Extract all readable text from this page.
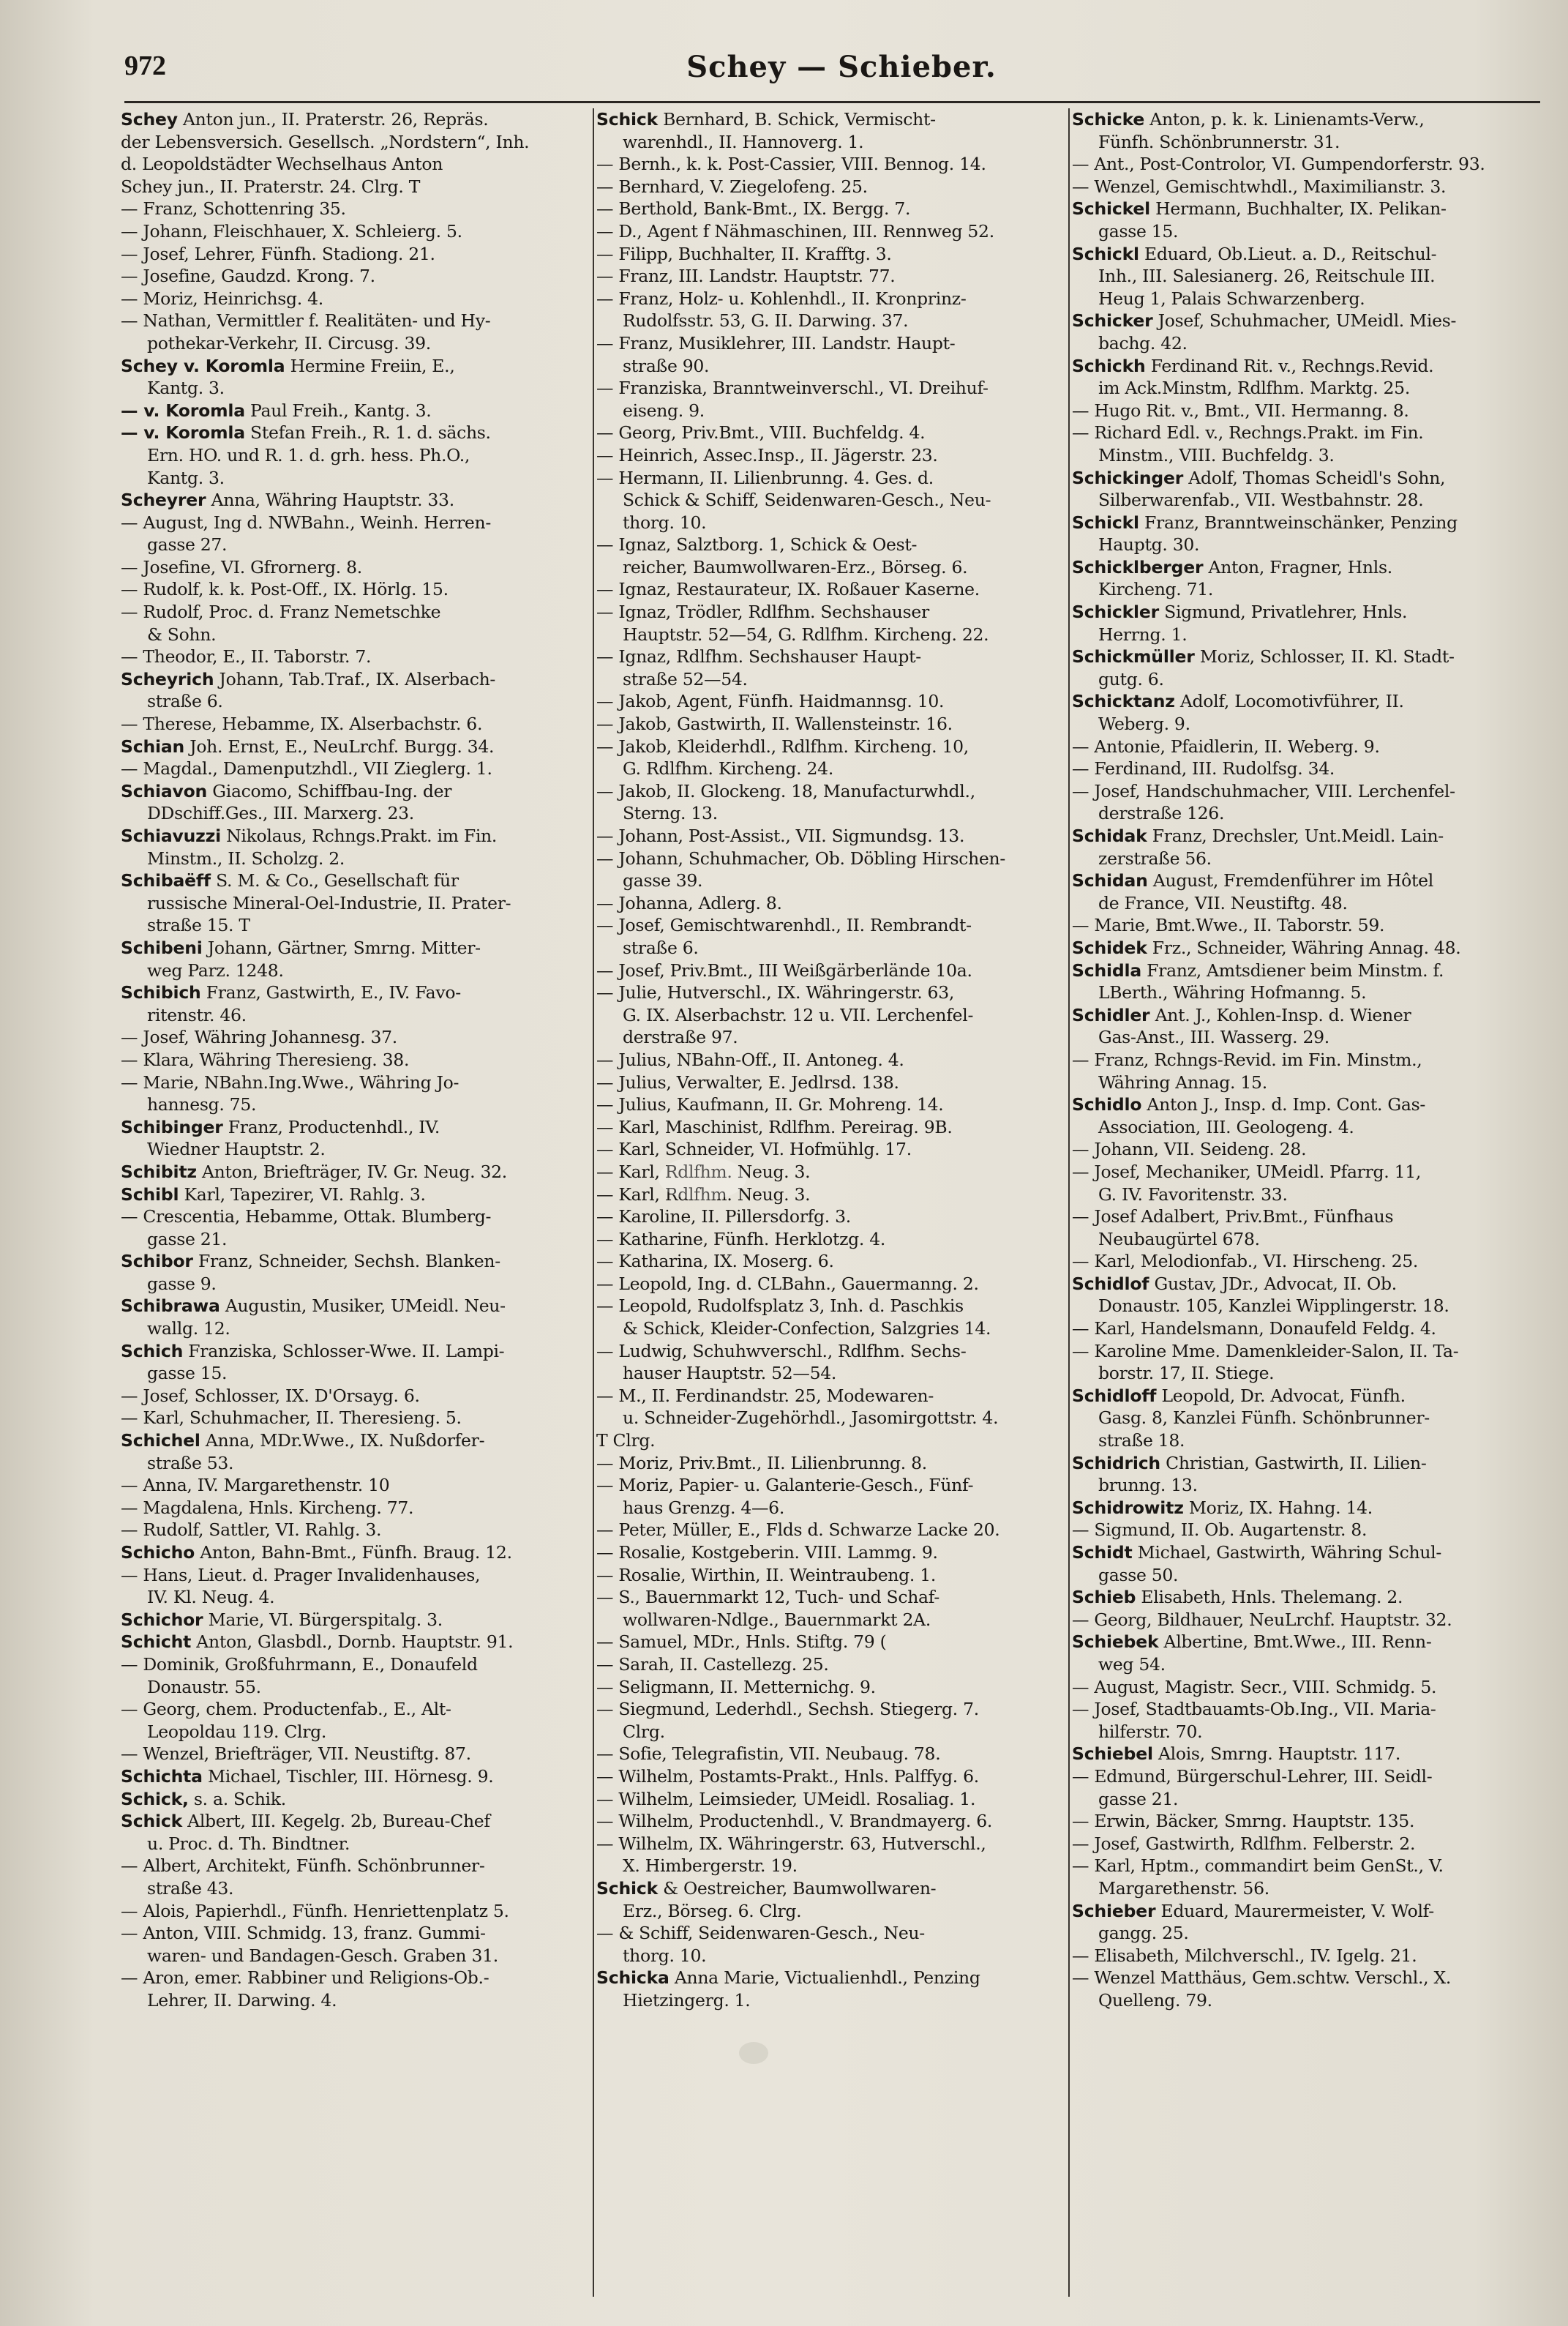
972	Schey — Schieber.
Schey Anton jun., II. Praterstr. 26, Repräs.
der Lebensversich. Gesellsch. „Nordstern“, Inh.
d. Leopoldstädter Wechselhaus Anton
Schey jun., II. Praterstr. 24. Clrg. T
— Franz, Schottenring 35.
— Johann, Fleischhauer, X. Schleierg. 5.
— Josef, Lehrer, Fünfh. Stadiong. 21.
— Josefine, Gaudzd. Krong. 7.
— Moriz, Heinrichsg. 4.
— Nathan, Vermittler f. Realitäten- und Hy-
pothekar-Verkehr, II. Circusg. 39.
Schey v. Koromla Hermine Freiin, E.,
Kantg. 3.
— v. Koromla Paul Freih., Kantg. 3.
— v. Koromla Stefan Freih., R. 1. d. sächs.
Ern. HO. und R. 1. d. grh. hess. Ph.O.,
Kantg. 3.
Scheyrer Anna, Währing Hauptstr. 33.
— August, Ing d. NWBahn., Weinh. Herren-
gasse 27.
— Josefine, VI. Gfrornerg. 8.
— Rudolf, k. k. Post-Off., IX. Hörlg. 15.
— Rudolf, Proc. d. Franz Nemetschke
& Sohn.
— Theodor, E., II. Taborstr. 7.
Scheyrich Johann, Tab.Traf., IX. Alserbach-
straße 6.
— Therese, Hebamme, IX. Alserbachstr. 6.
Schian Joh. Ernst, E., NeuLrchf. Burgg. 34.
— Magdal., Damenputzhdl., VII Zieglerg. 1.
Schiavon Giacomo, Schiffbau-Ing. der
DDschiff.Ges., III. Marxerg. 23.
Schiavuzzi Nikolaus, Rchngs.Prakt. im Fin.
Minstm., II. Scholzg. 2.
Schibaëff S. M. & Co., Gesellschaft für
russische Mineral-Oel-Industrie, II. Prater-
straße 15. T
Schibeni Johann, Gärtner, Smrng. Mitter-
weg Parz. 1248.
Schibich Franz, Gastwirth, E., IV. Favo-
ritenstr. 46.
— Josef, Währing Johannesg. 37.
— Klara, Währing Theresieng. 38.
— Marie, NBahn.Ing.Wwe., Währing Jo-
hannesg. 75.
Schibinger Franz, Productenhdl., IV.
Wiedner Hauptstr. 2.
Schibitz Anton, Briefträger, IV. Gr. Neug. 32.
Schibl Karl, Tapezirer, VI. Rahlg. 3.
— Crescentia, Hebamme, Ottak. Blumberg-
gasse 21.
Schibor Franz, Schneider, Sechsh. Blanken-
gasse 9.
Schibrawa Augustin, Musiker, UMeidl. Neu-
wallg. 12.
Schich Franziska, Schlosser-Wwe. II. Lampi-
gasse 15.
— Josef, Schlosser, IX. D'Orsayg. 6.
— Karl, Schuhmacher, II. Theresieng. 5.
Schichel Anna, MDr.Wwe., IX. Nußdorfer-
straße 53.
— Anna, IV. Margarethenstr. 10
— Magdalena, Hnls. Kircheng. 77.
— Rudolf, Sattler, VI. Rahlg. 3.
Schicho Anton, Bahn-Bmt., Fünfh. Braug. 12.
— Hans, Lieut. d. Prager Invalidenhauses,
IV. Kl. Neug. 4.
Schichor Marie, VI. Bürgerspitalg. 3.
Schicht Anton, Glasbdl., Dornb. Hauptstr. 91.
— Dominik, Großfuhrmann, E., Donaufeld
Donaustr. 55.
— Georg, chem. Productenfab., E., Alt-
Leopoldau 119. Clrg.
— Wenzel, Briefträger, VII. Neustiftg. 87.
Schichta Michael, Tischler, III. Hörnesg. 9.
Schick, s. a. Schik.
Schick Albert, III. Kegelg. 2b, Bureau-Chef
u. Proc. d. Th. Bindtner.
— Albert, Architekt, Fünfh. Schönbrunner-
straße 43.
— Alois, Papierhdl., Fünfh. Henriettenplatz 5.
— Anton, VIII. Schmidg. 13, franz. Gummi-
waren- und Bandagen-Gesch. Graben 31.
— Aron, emer. Rabbiner und Religions-Ob.-
Lehrer, II. Darwing. 4.
Schick Bernhard, B. Schick, Vermischt-
warenhdl., II. Hannoverg. 1.
— Bernh., k. k. Post-Cassier, VIII. Bennog. 14.
— Bernhard, V. Ziegelofeng. 25.
— Berthold, Bank-Bmt., IX. Bergg. 7.
— D., Agent f Nähmaschinen, III. Rennweg 52.
— Filipp, Buchhalter, II. Krafftg. 3.
— Franz, III. Landstr. Hauptstr. 77.
— Franz, Holz- u. Kohlenhdl., II. Kronprinz-
Rudolfsstr. 53, G. II. Darwing. 37.
— Franz, Musiklehrer, III. Landstr. Haupt-
straße 90.
— Franziska, Branntweinverschl., VI. Dreihuf-
eiseng. 9.
— Georg, Priv.Bmt., VIII. Buchfeldg. 4.
— Heinrich, Assec.Insp., II. Jägerstr. 23.
— Hermann, II. Lilienbrunng. 4. Ges. d.
Schick & Schiff, Seidenwaren-Gesch., Neu-
thorg. 10.
— Ignaz, Salztborg. 1, Schick & Oest-
reicher, Baumwollwaren-Erz., Börseg. 6.
— Ignaz, Restaurateur, IX. Roßauer Kaserne.
— Ignaz, Trödler, Rdlfhm. Sechshauser
Hauptstr. 52—54, G. Rdlfhm. Kircheng. 22.
— Ignaz, Rdlfhm. Sechshauser Haupt-
straße 52—54.
— Jakob, Agent, Fünfh. Haidmannsg. 10.
— Jakob, Gastwirth, II. Wallensteinstr. 16.
— Jakob, Kleiderhdl., Rdlfhm. Kircheng. 10,
G. Rdlfhm. Kircheng. 24.
— Jakob, II. Glockeng. 18, Manufacturwhdl.,
Sterng. 13.
— Johann, Post-Assist., VII. Sigmundsg. 13.
— Johann, Schuhmacher, Ob. Döbling Hirschen-
gasse 39.
— Johanna, Adlerg. 8.
— Josef, Gemischtwarenhdl., II. Rembrandt-
straße 6.
— Josef, Priv.Bmt., III Weißgärberlände 10a.
— Julie, Hutverschl., IX. Währingerstr. 63,
G. IX. Alserbachstr. 12 u. VII. Lerchenfel-
derstraße 97.
— Julius, NBahn-Off., II. Antoneg. 4.
— Julius, Verwalter, E. Jedlrsd. 138.
— Julius, Kaufmann, II. Gr. Mohreng. 14.
— Karl, Maschinist, Rdlfhm. Pereirag. 9B.
— Karl, Schneider, VI. Hofmühlg. 17.
— Karl, Rdlfhm. Neug. 3.
— Karl, Rdlfhm. Neug. 3.
— Karoline, II. Pillersdorfg. 3.
— Katharine, Fünfh. Herklotzg. 4.
— Katharina, IX. Moserg. 6.
— Leopold, Ing. d. CLBahn., Gauermanng. 2.
— Leopold, Rudolfsplatz 3, Inh. d. Paschkis
& Schick, Kleider-Confection, Salzgries 14.
— Ludwig, Schuhwverschl., Rdlfhm. Sechs-
hauser Hauptstr. 52—54.
— M., II. Ferdinandstr. 25, Modewaren-
u. Schneider-Zugehörhdl., Jasomirgottstr. 4.
T Clrg.
— Moriz, Priv.Bmt., II. Lilienbrunng. 8.
— Moriz, Papier- u. Galanterie-Gesch., Fünf-
haus Grenzg. 4—6.
— Peter, Müller, E., Flds d. Schwarze Lacke 20.
— Rosalie, Kostgeberin. VIII. Lammg. 9.
— Rosalie, Wirthin, II. Weintraubeng. 1.
— S., Bauernmarkt 12, Tuch- und Schaf-
wollwaren-Ndlge., Bauernmarkt 2A.
— Samuel, MDr., Hnls. Stiftg. 79 (
— Sarah, II. Castellezg. 25.
— Seligmann, II. Metternichg. 9.
— Siegmund, Lederhdl., Sechsh. Stiegerg. 7.
Clrg.
— Sofie, Telegrafistin, VII. Neubaug. 78.
— Wilhelm, Postamts-Prakt., Hnls. Palffyg. 6.
— Wilhelm, Leimsieder, UMeidl. Rosaliag. 1.
— Wilhelm, Productenhdl., V. Brandmayerg. 6.
— Wilhelm, IX. Währingerstr. 63, Hutverschl.,
X. Himbergerstr. 19.
Schick & Oestreicher, Baumwollwaren-
Erz., Börseg. 6. Clrg.
— & Schiff, Seidenwaren-Gesch., Neu-
thorg. 10.
Schicka Anna Marie, Victualienhdl., Penzing
Hietzingerg. 1.
Schicke Anton, p. k. k. Linienamts-Verw.,
Fünfh. Schönbrunnerstr. 31.
— Ant., Post-Controlor, VI. Gumpendorferstr. 93.
— Wenzel, Gemischtwhdl., Maximilianstr. 3.
Schickel Hermann, Buchhalter, IX. Pelikan-
gasse 15.
Schickl Eduard, Ob.Lieut. a. D., Reitschul-
Inh., III. Salesianerg. 26, Reitschule III.
Heug 1, Palais Schwarzenberg.
Schicker Josef, Schuhmacher, UMeidl. Mies-
bachg. 42.
Schickh Ferdinand Rit. v., Rechngs.Revid.
im Ack.Minstm, Rdlfhm. Marktg. 25.
— Hugo Rit. v., Bmt., VII. Hermanng. 8.
— Richard Edl. v., Rechngs.Prakt. im Fin.
Minstm., VIII. Buchfeldg. 3.
Schickinger Adolf, Thomas Scheidl's Sohn,
Silberwarenfab., VII. Westbahnstr. 28.
Schickl Franz, Branntweinschänker, Penzing
Hauptg. 30.
Schicklberger Anton, Fragner, Hnls.
Kircheng. 71.
Schickler Sigmund, Privatlehrer, Hnls.
Herrng. 1.
Schickmüller Moriz, Schlosser, II. Kl. Stadt-
gutg. 6.
Schicktanz Adolf, Locomotivführer, II.
Weberg. 9.
— Antonie, Pfaidlerin, II. Weberg. 9.
— Ferdinand, III. Rudolfsg. 34.
— Josef, Handschuhmacher, VIII. Lerchenfel-
derstraße 126.
Schidak Franz, Drechsler, Unt.Meidl. Lain-
zerstraße 56.
Schidan August, Fremdenführer im Hôtel
de France, VII. Neustiftg. 48.
— Marie, Bmt.Wwe., II. Taborstr. 59.
Schidek Frz., Schneider, Währing Annag. 48.
Schidla Franz, Amtsdiener beim Minstm. f.
LBerth., Währing Hofmanng. 5.
Schidler Ant. J., Kohlen-Insp. d. Wiener
Gas-Anst., III. Wasserg. 29.
— Franz, Rchngs-Revid. im Fin. Minstm.,
Währing Annag. 15.
Schidlo Anton J., Insp. d. Imp. Cont. Gas-
Association, III. Geologeng. 4.
— Johann, VII. Seideng. 28.
— Josef, Mechaniker, UMeidl. Pfarrg. 11,
G. IV. Favoritenstr. 33.
— Josef Adalbert, Priv.Bmt., Fünfhaus
Neubaugürtel 678.
— Karl, Melodionfab., VI. Hirscheng. 25.
Schidlof Gustav, JDr., Advocat, II. Ob.
Donaustr. 105, Kanzlei Wipplingerstr. 18.
— Karl, Handelsmann, Donaufeld Feldg. 4.
— Karoline Mme. Damenkleider-Salon, II. Ta-
borstr. 17, II. Stiege.
Schidloff Leopold, Dr. Advocat, Fünfh.
Gasg. 8, Kanzlei Fünfh. Schönbrunner-
straße 18.
Schidrich Christian, Gastwirth, II. Lilien-
brunng. 13.
Schidrowitz Moriz, IX. Hahng. 14.
— Sigmund, II. Ob. Augartenstr. 8.
Schidt Michael, Gastwirth, Währing Schul-
gasse 50.
Schieb Elisabeth, Hnls. Thelemang. 2.
— Georg, Bildhauer, NeuLrchf. Hauptstr. 32.
Schiebek Albertine, Bmt.Wwe., III. Renn-
weg 54.
— August, Magistr. Secr., VIII. Schmidg. 5.
— Josef, Stadtbauamts-Ob.Ing., VII. Maria-
hilferstr. 70.
Schiebel Alois, Smrng. Hauptstr. 117.
— Edmund, Bürgerschul-Lehrer, III. Seidl-
gasse 21.
— Erwin, Bäcker, Smrng. Hauptstr. 135.
— Josef, Gastwirth, Rdlfhm. Felberstr. 2.
— Karl, Hptm., commandirt beim GenSt., V.
Margarethenstr. 56.
Schieber Eduard, Maurermeister, V. Wolf-
gangg. 25.
— Elisabeth, Milchverschl., IV. Igelg. 21.
— Wenzel Matthäus, Gem.schtw. Verschl., X.
Quelleng. 79.
